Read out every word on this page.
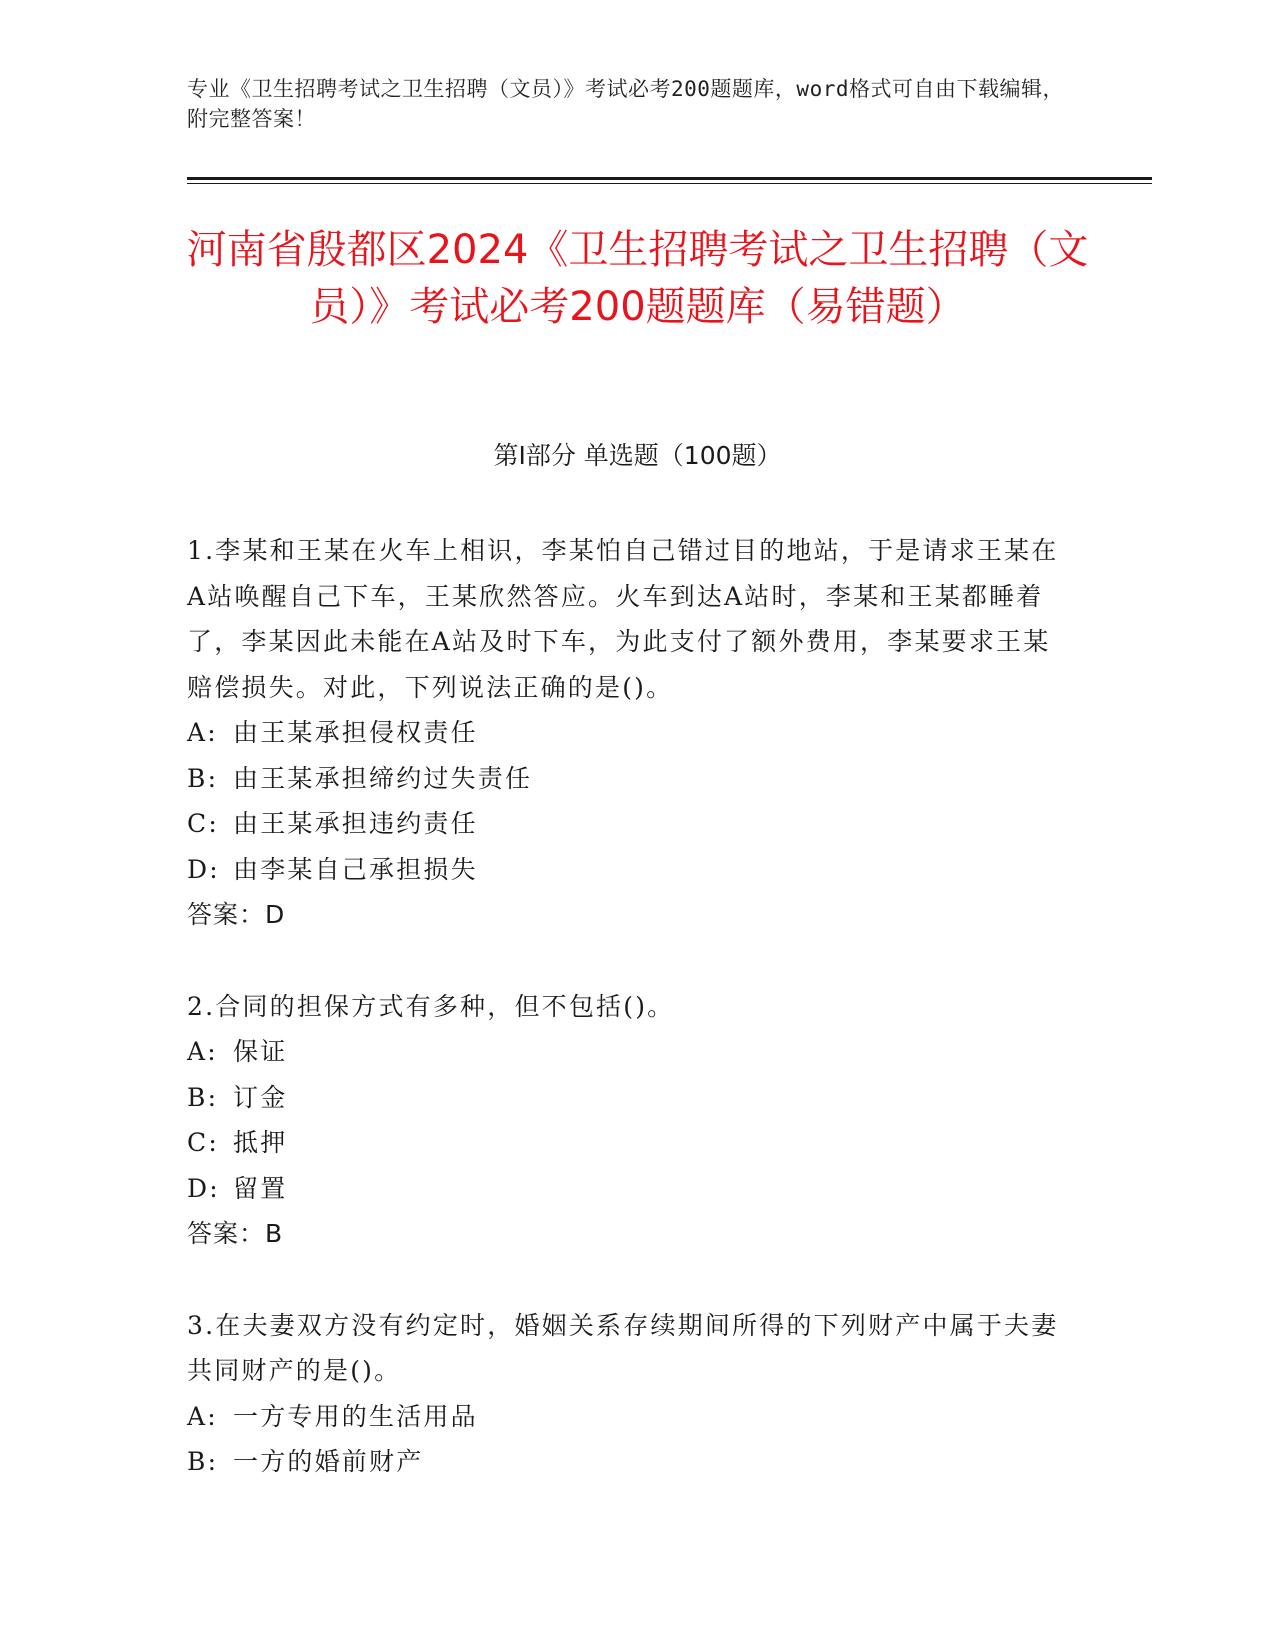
专业《卫生招聘考试之卫生招聘（文员）》考试必考200题题库，word格式可自由下载编辑，附完整答案！
河南省殷都区2024《卫生招聘考试之卫生招聘（文员）》考试必考200题题库（易错题）
第I部分 单选题（100题）
1.李某和王某在火车上相识，李某怕自己错过目的地站，于是请求王某在A站唤醒自己下车，王某欣然答应。火车到达A站时，李某和王某都睡着了，李某因此未能在A站及时下车，为此支付了额外费用，李某要求王某赔偿损失。对此，下列说法正确的是()。
A: 由王某承担侵权责任
B: 由王某承担缔约过失责任
C: 由王某承担违约责任
D: 由李某自己承担损失
答案：D
2.合同的担保方式有多种，但不包括()。
A: 保证
B: 订金
C: 抵押
D: 留置
答案：B
3.在夫妻双方没有约定时，婚姻关系存续期间所得的下列财产中属于夫妻共同财产的是()。
A: 一方专用的生活用品
B: 一方的婚前财产
